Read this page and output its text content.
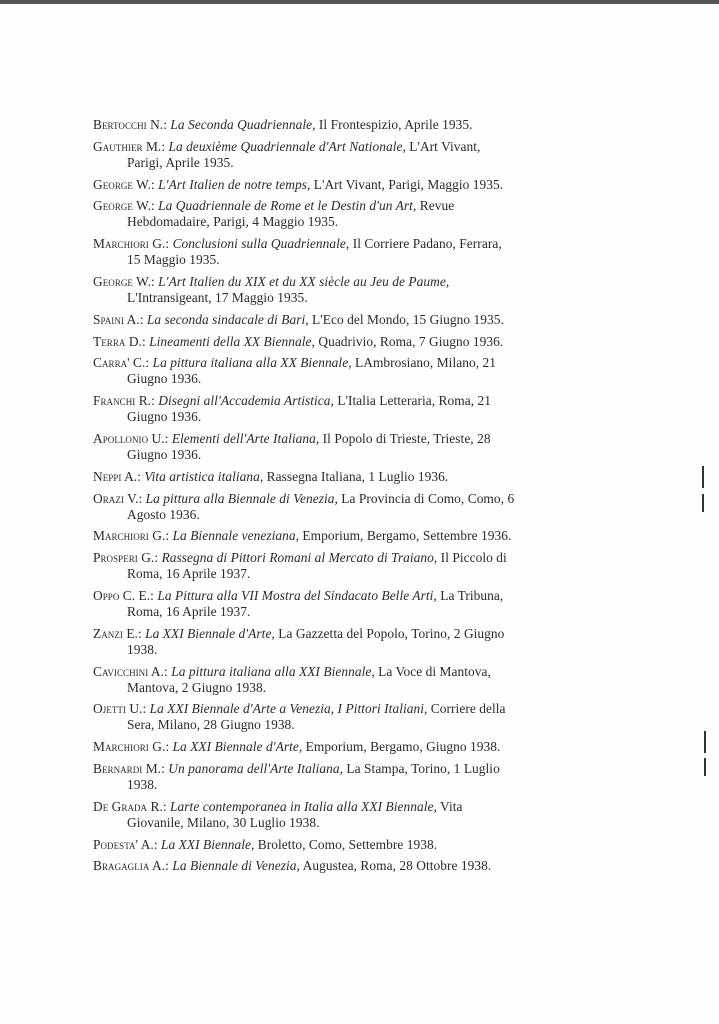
Bertocchi N.: La Seconda Quadriennale, Il Frontespizio, Aprile 1935.
Gauthier M.: La deuxième Quadriennale d'Art Nationale, L'Art Vivant, Parigi, Aprile 1935.
George W.: L'Art Italien de notre temps, L'Art Vivant, Parigi, Maggio 1935.
George W.: La Quadriennale de Rome et le Destin d'un Art, Revue Hebdomadaire, Parigi, 4 Maggio 1935.
Marchiori G.: Conclusioni sulla Quadriennale, Il Corriere Padano, Ferrara, 15 Maggio 1935.
George W.: L'Art Italien du XIX et du XX siècle au Jeu de Paume, L'Intransigeant, 17 Maggio 1935.
Spaini A.: La seconda sindacale di Bari, L'Eco del Mondo, 15 Giugno 1935.
Terra D.: Lineamenti della XX Biennale, Quadrivio, Roma, 7 Giugno 1936.
Carra' C.: La pittura italiana alla XX Biennale, LAmbrosiano, Milano, 21 Giugno 1936.
Franchi R.: Disegni all'Accademia Artistica, L'Italia Letteraria, Roma, 21 Giugno 1936.
Apollonio U.: Elementi dell'Arte Italiana, Il Popolo di Trieste, Trieste, 28 Giugno 1936.
Neppi A.: Vita artistica italiana, Rassegna Italiana, 1 Luglio 1936.
Orazi V.: La pittura alla Biennale di Venezia, La Provincia di Como, Como, 6 Agosto 1936.
Marchiori G.: La Biennale veneziana, Emporium, Bergamo, Settembre 1936.
Prosperi G.: Rassegna di Pittori Romani al Mercato di Traiano, Il Piccolo di Roma, 16 Aprile 1937.
Oppo C. E.: La Pittura alla VII Mostra del Sindacato Belle Arti, La Tribuna, Roma, 16 Aprile 1937.
Zanzi E.: La XXI Biennale d'Arte, La Gazzetta del Popolo, Torino, 2 Giugno 1938.
Cavicchini A.: La pittura italiana alla XXI Biennale, La Voce di Mantova, Mantova, 2 Giugno 1938.
Ojetti U.: La XXI Biennale d'Arte a Venezia, I Pittori Italiani, Corriere della Sera, Milano, 28 Giugno 1938.
Marchiori G.: La XXI Biennale d'Arte, Emporium, Bergamo, Giugno 1938.
Bernardi M.: Un panorama dell'Arte Italiana, La Stampa, Torino, 1 Luglio 1938.
De Grada R.: Larte contemporanea in Italia alla XXI Biennale, Vita Giovanile, Milano, 30 Luglio 1938.
Podesta' A.: La XXI Biennale, Broletto, Como, Settembre 1938.
Bragaglia A.: La Biennale di Venezia, Augustea, Roma, 28 Ottobre 1938.
